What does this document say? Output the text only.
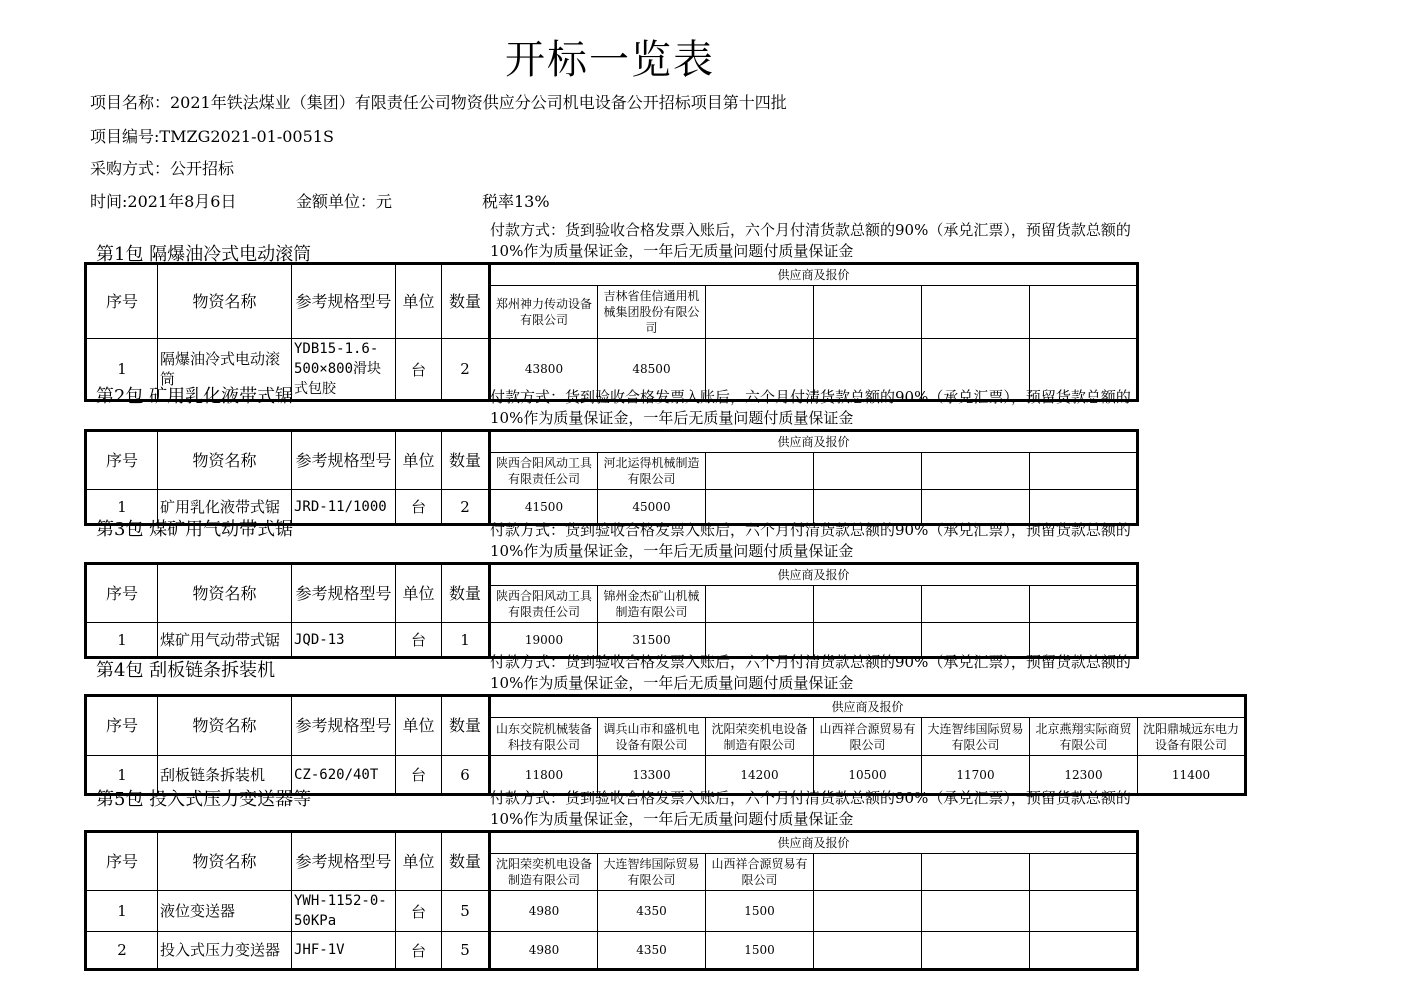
开标一览表
项目名称：2021年铁法煤业（集团）有限责任公司物资供应分公司机电设备公开招标项目第十四批
项目编号:TMZG2021-01-0051S
采购方式：公开招标
时间:2021年8月6日	金额单位：元	税率13%
第1包 隔爆油冷式电动滚筒
付款方式：货到验收合格发票入账后，六个月付清货款总额的90%（承兑汇票），预留货款总额的10%作为质量保证金，一年后无质量问题付质量保证金
序号	物资名称	参考规格型号	单位	数量	供应商及报价					
					郑州神力传动设备有限公司	吉林省佳信通用机械集团股份有限公司				
1	隔爆油冷式电动滚筒	YDB15-1.6-500×800滑块式包胶	台	2	43800	48500				
第2包 矿用乳化液带式锯	付款方式：货到验收合格发票入账后，六个月付清货款总额的90%（承兑汇票），预留货款总额的10%作为质量保证金，一年后无质量问题付质量保证金
序号	物资名称	参考规格型号	单位	数量	供应商及报价					
					陕西合阳风动工具有限责任公司	河北运得机械制造有限公司				
1	矿用乳化液带式锯	JRD-11/1000	台	2	41500	45000				
第3包 煤矿用气动带式锯	付款方式：货到验收合格发票入账后，六个月付清货款总额的90%（承兑汇票），预留货款总额的10%作为质量保证金，一年后无质量问题付质量保证金
序号	物资名称	参考规格型号	单位	数量	供应商及报价					
					陕西合阳风动工具有限责任公司	锦州金杰矿山机械制造有限公司				
1	煤矿用气动带式锯	JQD-13	台	1	19000	31500				
第4包 刮板链条拆装机	付款方式：货到验收合格发票入账后，六个月付清货款总额的90%（承兑汇票），预留货款总额的10%作为质量保证金，一年后无质量问题付质量保证金
序号	物资名称	参考规格型号	单位	数量	供应商及报价						
					山东交院机械装备科技有限公司	调兵山市和盛机电设备有限公司	沈阳荣奕机电设备制造有限公司	山西祥合源贸易有限公司	大连智纬国际贸易有限公司	北京燕翔实际商贸有限公司	沈阳鼎城远东电力设备有限公司
1	刮板链条拆装机	CZ-620/40T	台	6	11800	13300	14200	10500	11700	12300	11400
第5包 投入式压力变送器等	付款方式：货到验收合格发票入账后，六个月付清货款总额的90%（承兑汇票），预留货款总额的10%作为质量保证金，一年后无质量问题付质量保证金
序号	物资名称	参考规格型号	单位	数量	供应商及报价					
					沈阳荣奕机电设备制造有限公司	大连智纬国际贸易有限公司	山西祥合源贸易有限公司			
1	液位变送器	YWH-1152-0-50KPa	台	5	4980	4350	1500			
2	投入式压力变送器	JHF-1V	台	5	4980	4350	1500			
